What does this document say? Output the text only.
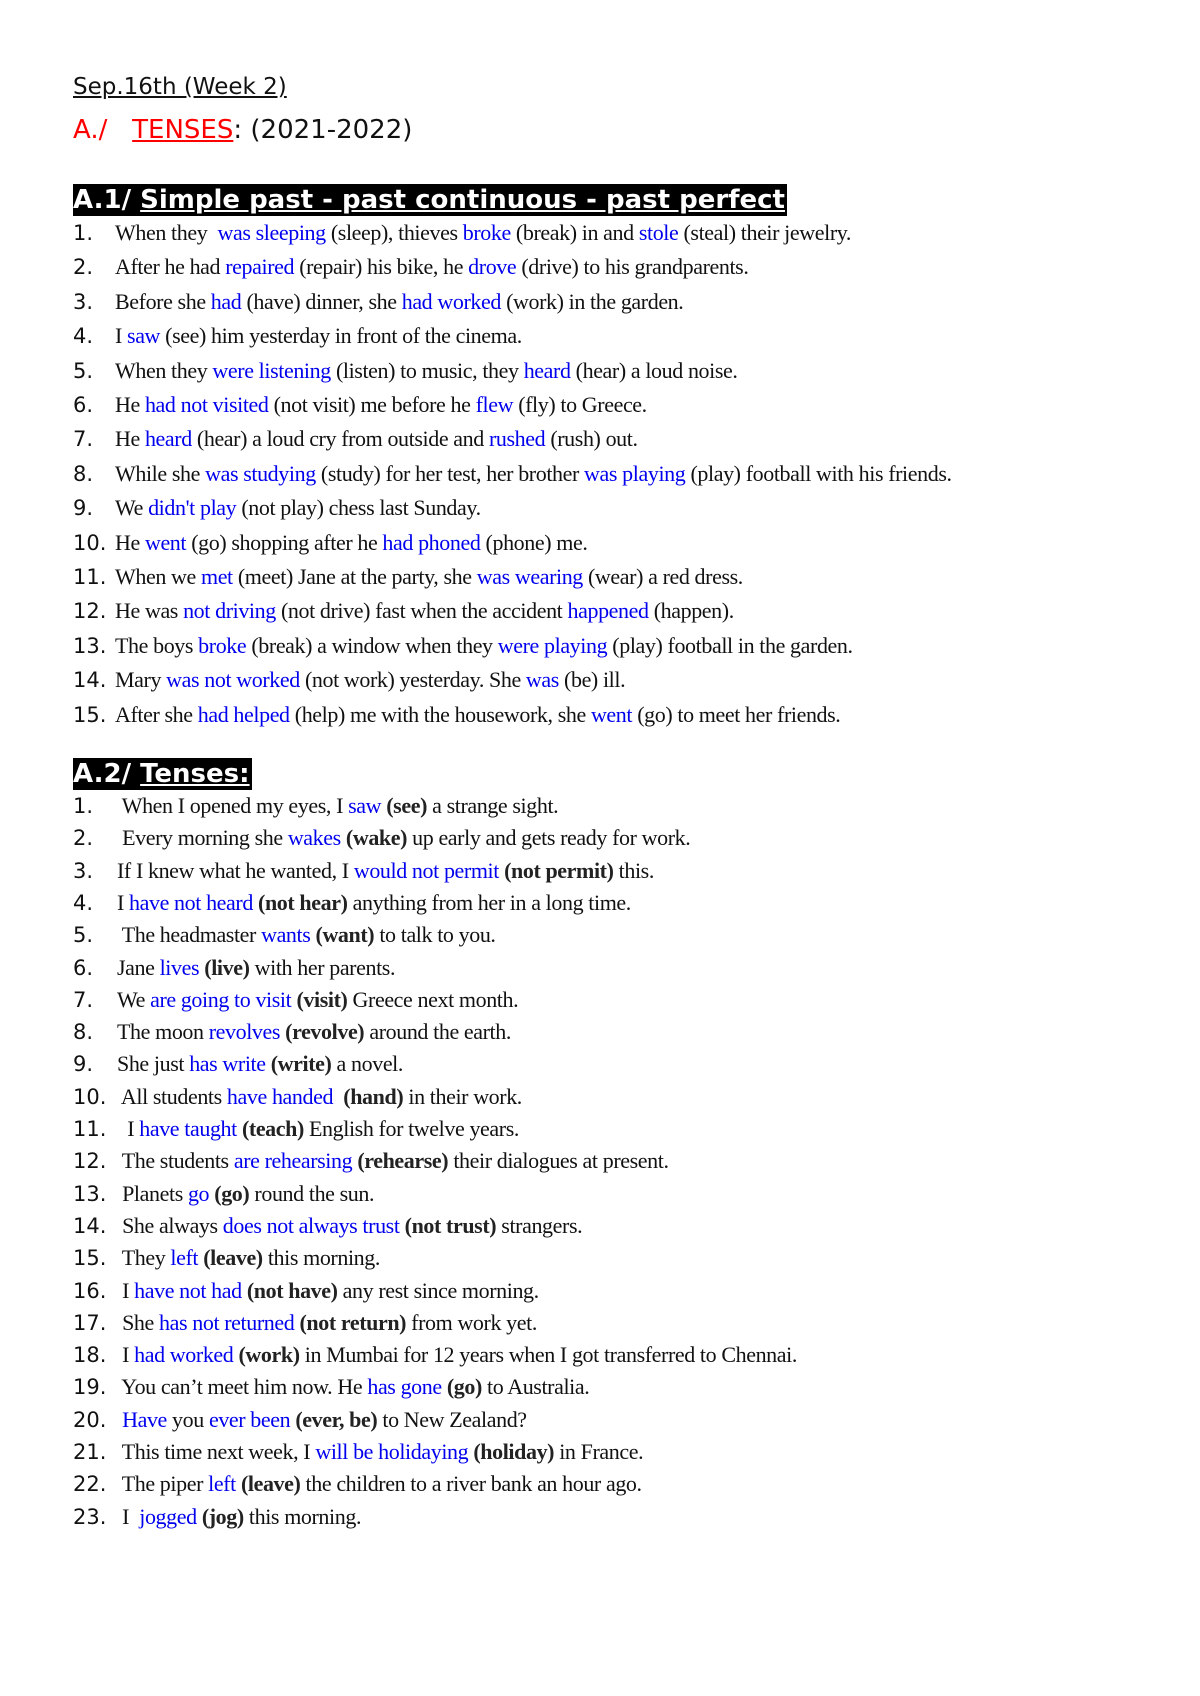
Sep.16th (Week 2)
A./ TENSES: (2021-2022)
A.1/ Simple past - past continuous - past perfect
1. When they  was sleeping (sleep), thieves broke (break) in and stole (steal) their jewelry.
2. After he had repaired (repair) his bike, he drove (drive) to his grandparents.
3. Before she had (have) dinner, she had worked (work) in the garden.
4. I saw (see) him yesterday in front of the cinema.
5. When they were listening (listen) to music, they heard (hear) a loud noise.
6. He had not visited (not visit) me before he flew (fly) to Greece.
7. He heard (hear) a loud cry from outside and rushed (rush) out.
8. While she was studying (study) for her test, her brother was playing (play) football with his friends.
9. We didn't play (not play) chess last Sunday.
10. He went (go) shopping after he had phoned (phone) me.
11. When we met (meet) Jane at the party, she was wearing (wear) a red dress.
12. He was not driving (not drive) fast when the accident happened (happen).
13. The boys broke (break) a window when they were playing (play) football in the garden.
14. Mary was not worked (not work) yesterday. She was (be) ill.
15. After she had helped (help) me with the housework, she went (go) to meet her friends.
A.2/ Tenses:
1. When I opened my eyes, I saw (see) a strange sight.
2. Every morning she wakes (wake) up early and gets ready for work.
3. If I knew what he wanted, I would not permit (not permit) this.
4. I have not heard (not hear) anything from her in a long time.
5. The headmaster wants (want) to talk to you.
6. Jane lives (live) with her parents.
7. We are going to visit (visit) Greece next month.
8. The moon revolves (revolve) around the earth.
9. She just has write (write) a novel.
10. All students have handed (hand) in their work.
11.  I have taught (teach) English for twelve years.
12. The students are rehearsing (rehearse) their dialogues at present.
13. Planets go (go) round the sun.
14. She always does not always trust (not trust) strangers.
15. They left (leave) this morning.
16. I have not had (not have) any rest since morning.
17. She has not returned (not return) from work yet.
18. I had worked (work) in Mumbai for 12 years when I got transferred to Chennai.
19. You can’t meet him now. He has gone (go) to Australia.
20. Have you ever been (ever, be) to New Zealand?
21. This time next week, I will be holidaying (holiday) in France.
22. The piper left (leave) the children to a river bank an hour ago.
23. I  jogged (jog) this morning.
